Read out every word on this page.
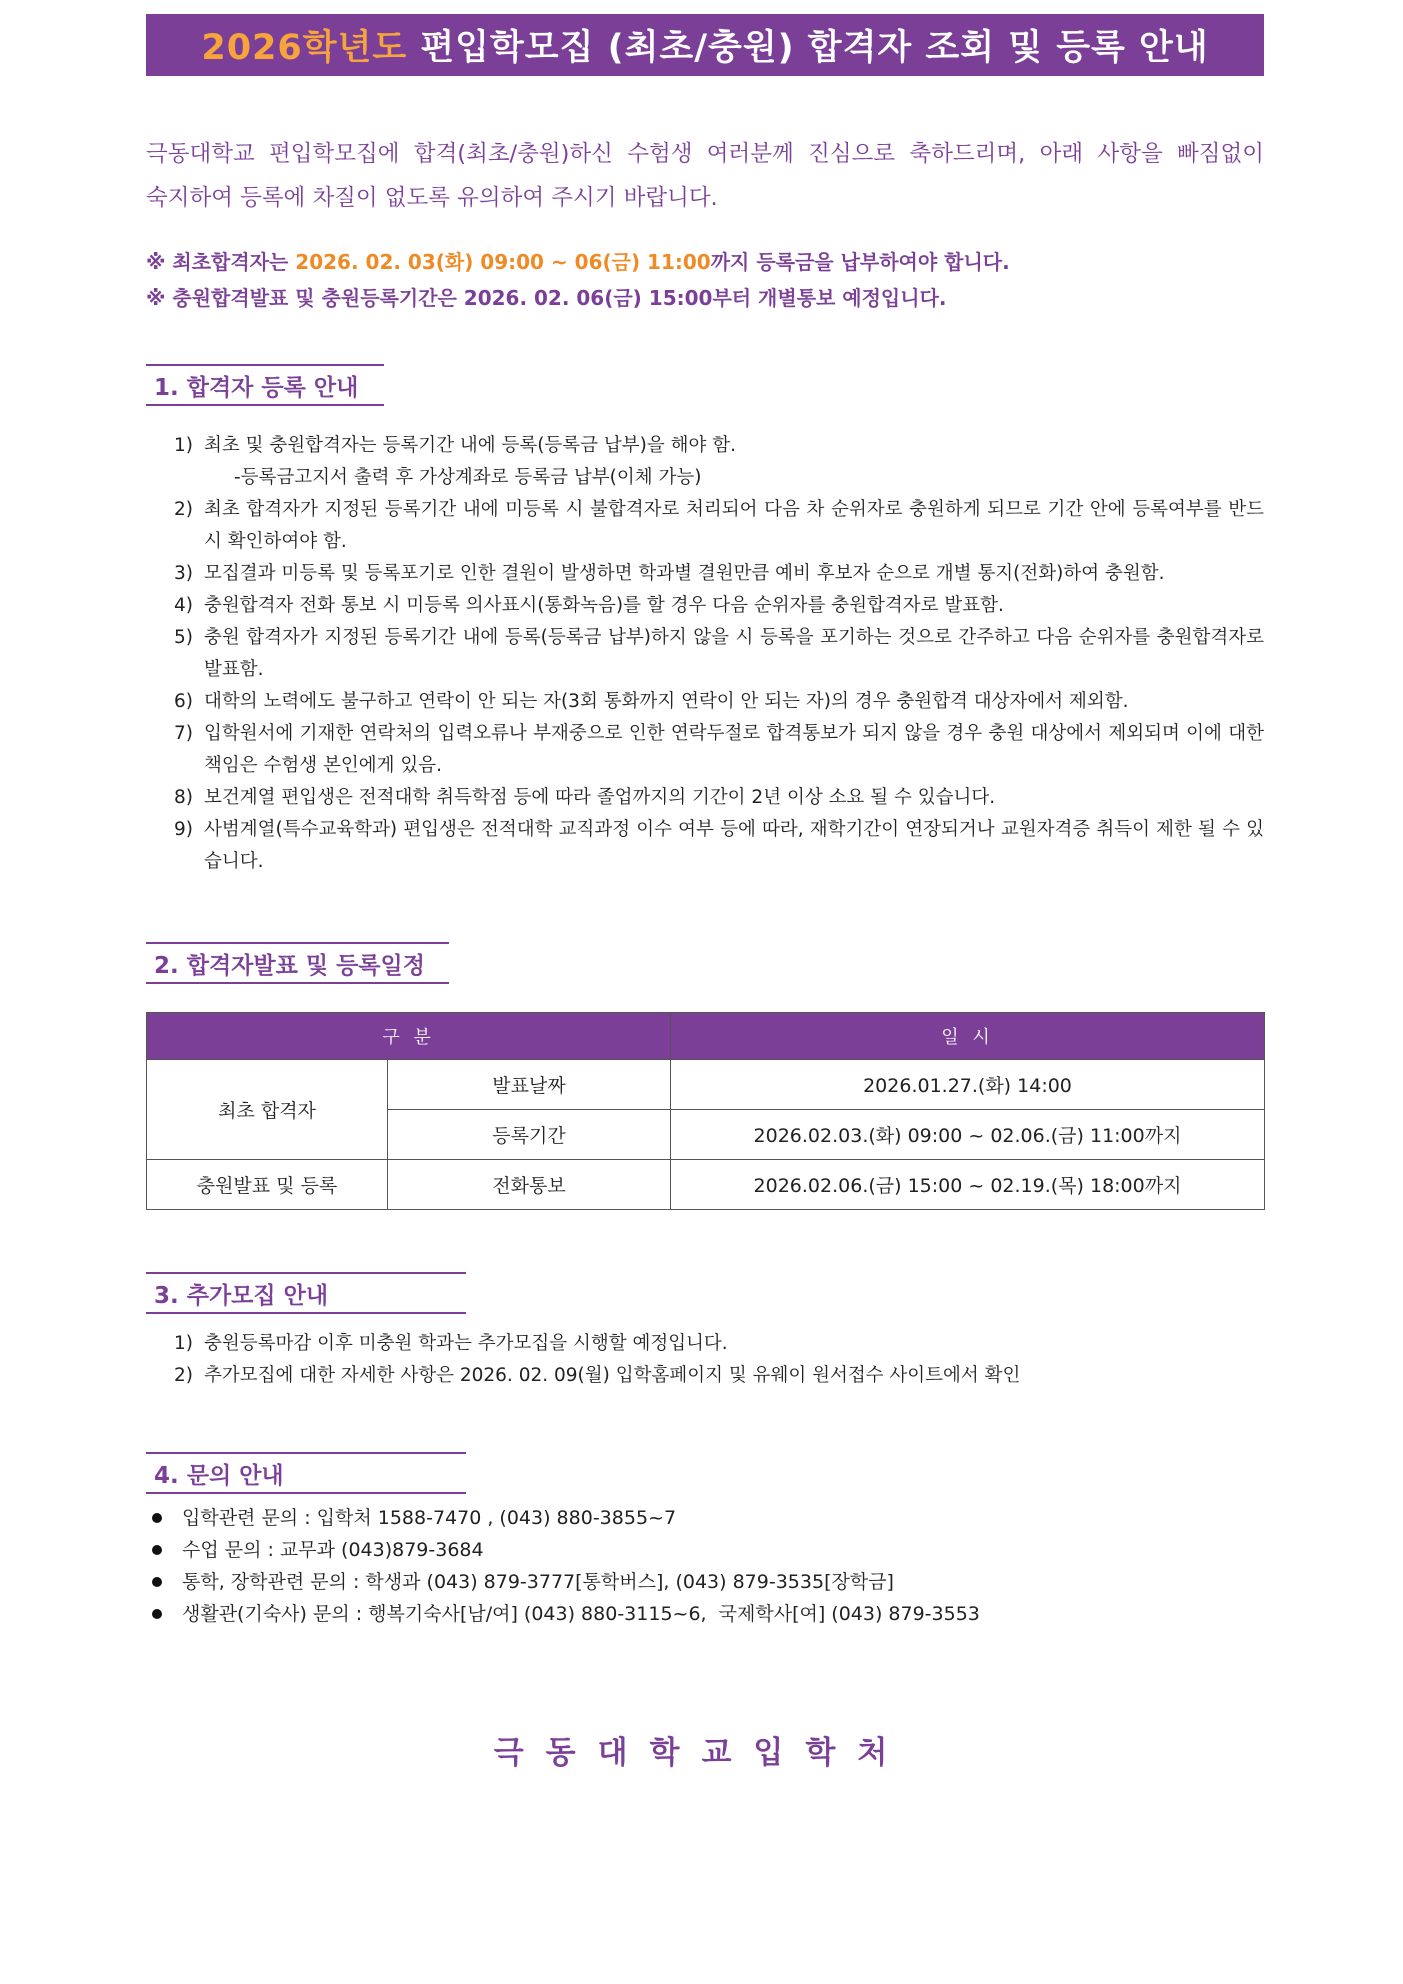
2026학년도 편입학모집 (최초/충원) 합격자 조회 및 등록 안내
극동대학교 편입학모집에 합격(최초/충원)하신 수험생 여러분께 진심으로 축하드리며, 아래 사항을 빠짐없이
숙지하여 등록에 차질이 없도록 유의하여 주시기 바랍니다.
※ 최초합격자는 2026. 02. 03(화) 09:00 ~ 06(금) 11:00까지 등록금을 납부하여야 합니다.
※ 충원합격발표 및 충원등록기간은 2026. 02. 06(금) 15:00부터 개별통보 예정입니다.
1. 합격자 등록 안내
1) 최초 및 충원합격자는 등록기간 내에 등록(등록금 납부)을 해야 함.
-등록금고지서 출력 후 가상계좌로 등록금 납부(이체 가능)
2) 최초 합격자가 지정된 등록기간 내에 미등록 시 불합격자로 처리되어 다음 차 순위자로 충원하게 되므로 기간 안에 등록여부를 반드시 확인하여야 함.
3) 모집결과 미등록 및 등록포기로 인한 결원이 발생하면 학과별 결원만큼 예비 후보자 순으로 개별 통지(전화)하여 충원함.
4) 충원합격자 전화 통보 시 미등록 의사표시(통화녹음)를 할 경우 다음 순위자를 충원합격자로 발표함.
5) 충원 합격자가 지정된 등록기간 내에 등록(등록금 납부)하지 않을 시 등록을 포기하는 것으로 간주하고 다음 순위자를 충원합격자로 발표함.
6) 대학의 노력에도 불구하고 연락이 안 되는 자(3회 통화까지 연락이 안 되는 자)의 경우 충원합격 대상자에서 제외함.
7) 입학원서에 기재한 연락처의 입력오류나 부재중으로 인한 연락두절로 합격통보가 되지 않을 경우 충원 대상에서 제외되며 이에 대한 책임은 수험생 본인에게 있음.
8) 보건계열 편입생은 전적대학 취득학점 등에 따라 졸업까지의 기간이 2년 이상 소요 될 수 있습니다.
9) 사범계열(특수교육학과) 편입생은 전적대학 교직과정 이수 여부 등에 따라, 재학기간이 연장되거나 교원자격증 취득이 제한 될 수 있습니다.
2. 합격자발표 및 등록일정
구 분		일 시
최초 합격자	발표날짜	2026.01.27.(화) 14:00
	등록기간	2026.02.03.(화) 09:00 ~ 02.06.(금) 11:00까지
충원발표 및 등록	전화통보	2026.02.06.(금) 15:00 ~ 02.19.(목) 18:00까지
3. 추가모집 안내
1) 충원등록마감 이후 미충원 학과는 추가모집을 시행할 예정입니다.
2) 추가모집에 대한 자세한 사항은 2026. 02. 09(월) 입학홈페이지 및 유웨이 원서접수 사이트에서 확인
4. 문의 안내
입학관련 문의 : 입학처 1588-7470 , (043) 880-3855~7
수업 문의 : 교무과 (043)879-3684
통학, 장학관련 문의 : 학생과 (043) 879-3777[통학버스], (043) 879-3535[장학금]
생활관(기숙사) 문의 : 행복기숙사[남/여] (043) 880-3115~6,  국제학사[여] (043) 879-3553
극동대학교입학처
